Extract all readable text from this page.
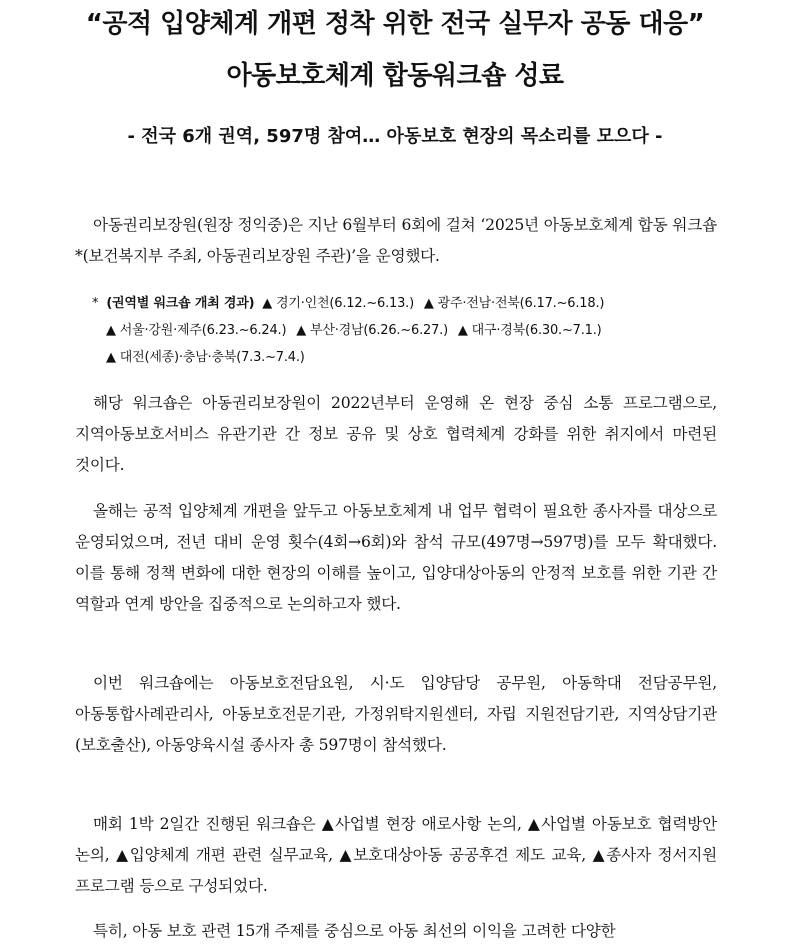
“공적 입양체계 개편 정착 위한 전국 실무자 공동 대응”
아동보호체계 합동워크숍 성료

- 전국 6개 권역, 597명 참여… 아동보호 현장의 목소리를 모으다 -

아동권리보장원(원장 정익중)은 지난 6월부터 6회에 걸쳐 ‘2025년 아동보호체계 합동 워크숍*(보건복지부 주최, 아동권리보장원 주관)’을 운영했다.

* (권역별 워크숍 개최 경과) ▲ 경기·인천(6.12.~6.13.) ▲ 광주·전남·전북(6.17.~6.18.)
▲ 서울·강원·제주(6.23.~6.24.) ▲ 부산·경남(6.26.~6.27.) ▲ 대구·경북(6.30.~7.1.)
▲ 대전(세종)·충남·충북(7.3.~7.4.)

해당 워크숍은 아동권리보장원이 2022년부터 운영해 온 현장 중심 소통 프로그램으로, 지역아동보호서비스 유관기관 간 정보 공유 및 상호 협력체계 강화를 위한 취지에서 마련된 것이다.

올해는 공적 입양체계 개편을 앞두고 아동보호체계 내 업무 협력이 필요한 종사자를 대상으로 운영되었으며, 전년 대비 운영 횟수(4회→6회)와 참석 규모(497명→597명)를 모두 확대했다. 이를 통해 정책 변화에 대한 현장의 이해를 높이고, 입양대상아동의 안정적 보호를 위한 기관 간 역할과 연계 방안을 집중적으로 논의하고자 했다.

이번 워크숍에는 아동보호전담요원, 시·도 입양담당 공무원, 아동학대 전담공무원, 아동통합사례관리사, 아동보호전문기관, 가정위탁지원센터, 자립 지원전담기관, 지역상담기관(보호출산), 아동양육시설 종사자 총 597명이 참석했다.

매회 1박 2일간 진행된 워크숍은 ▲사업별 현장 애로사항 논의, ▲사업별 아동보호 협력방안 논의, ▲입양체계 개편 관련 실무교육, ▲보호대상아동 공공후견 제도 교육, ▲종사자 정서지원 프로그램 등으로 구성되었다.

특히, 아동 보호 관련 15개 주제를 중심으로 아동 최선의 이익을 고려한 다양한
